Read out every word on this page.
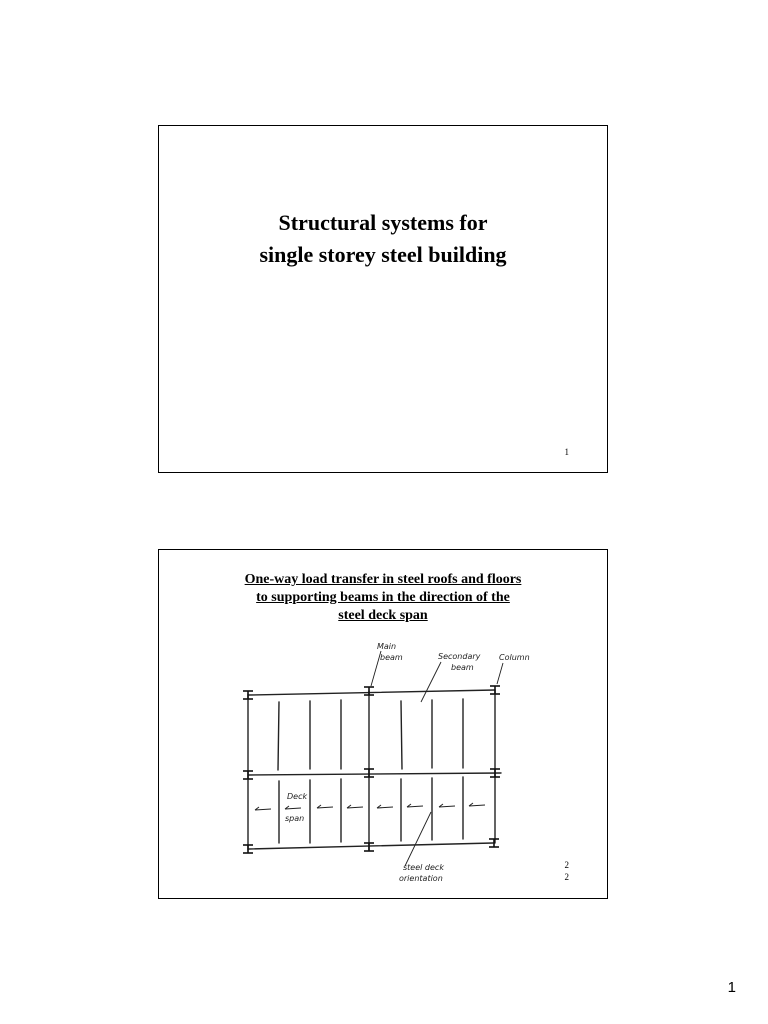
Structural systems for
single storey steel building
1
One-way load transfer in steel roofs and floors
to supporting beams in the direction of the
steel deck span
Main
beam	Secondary
beam
Column
Deck
span
steel deck
orientation
2
2
1
